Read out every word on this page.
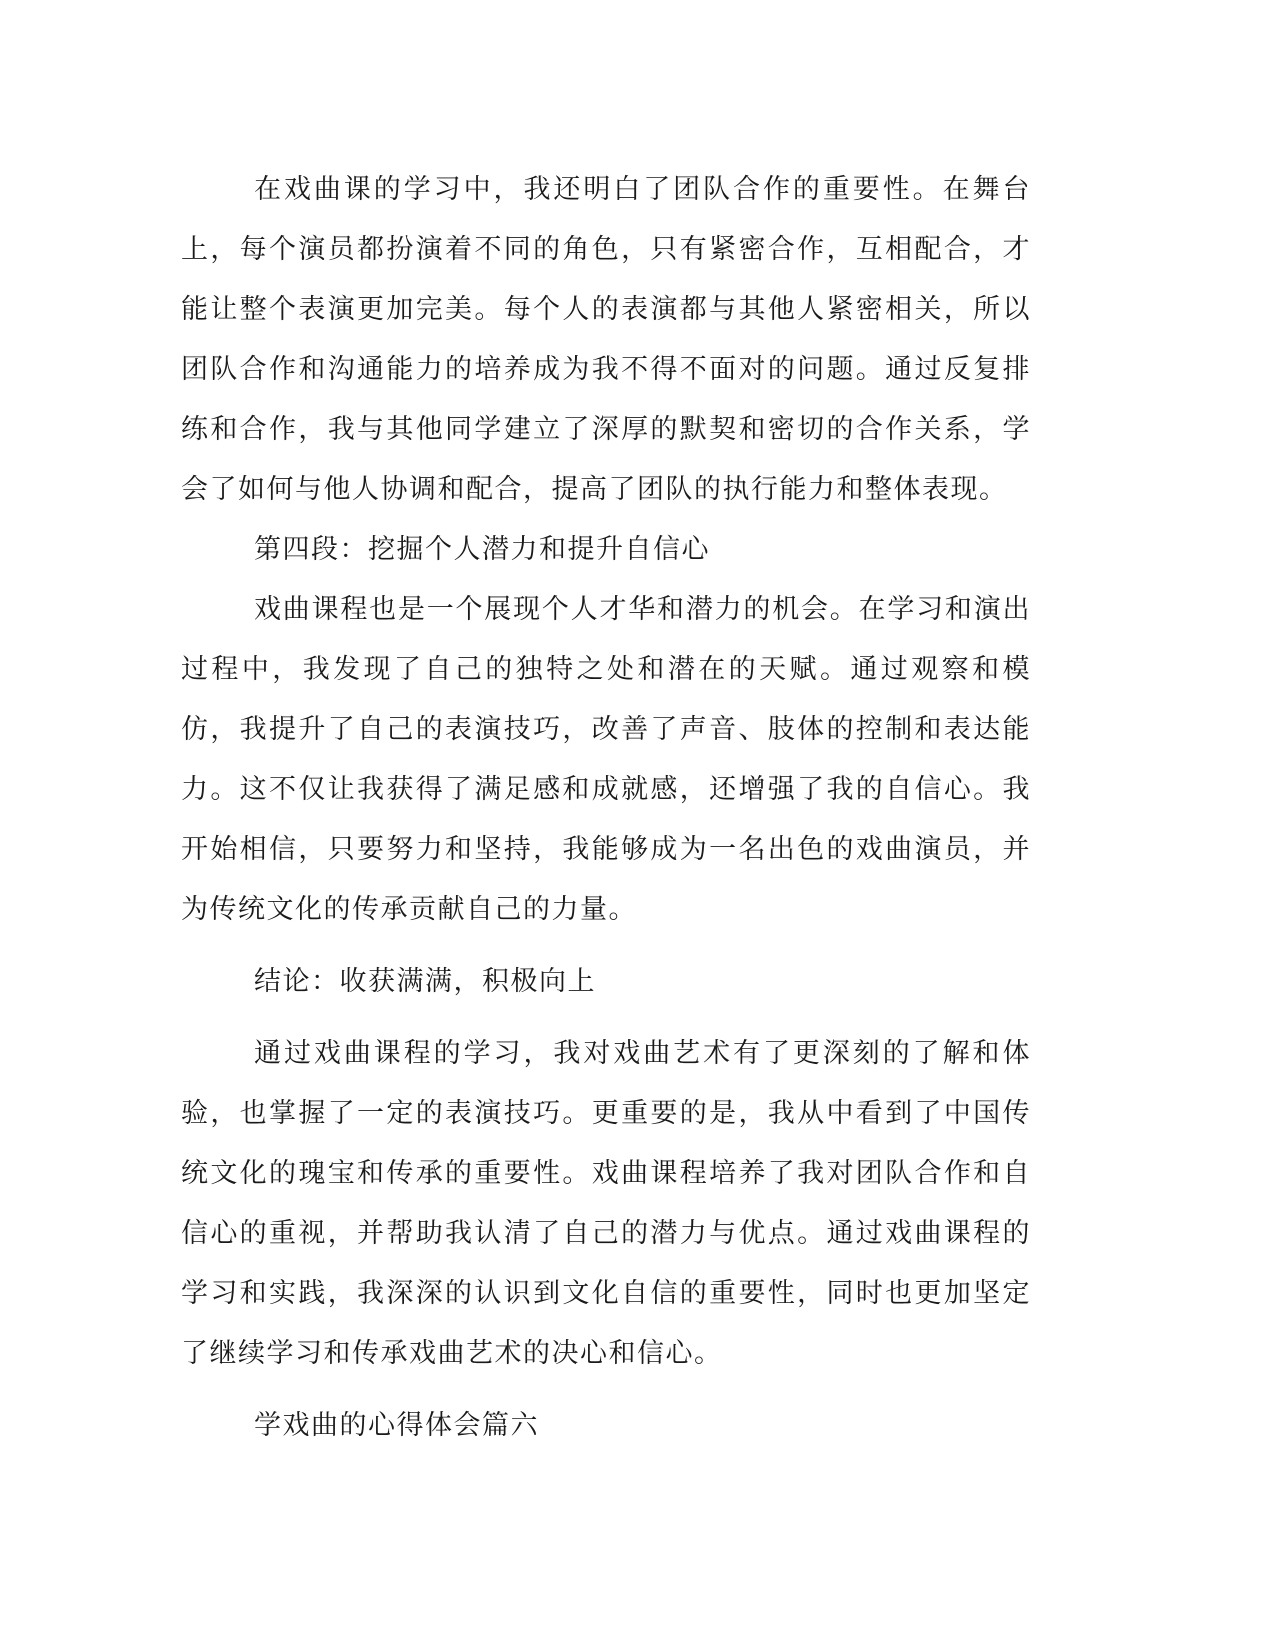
在戏曲课的学习中，我还明白了团队合作的重要性。在舞台上，每个演员都扮演着不同的角色，只有紧密合作，互相配合，才能让整个表演更加完美。每个人的表演都与其他人紧密相关，所以团队合作和沟通能力的培养成为我不得不面对的问题。通过反复排练和合作，我与其他同学建立了深厚的默契和密切的合作关系，学会了如何与他人协调和配合，提高了团队的执行能力和整体表现。

第四段：挖掘个人潜力和提升自信心

戏曲课程也是一个展现个人才华和潜力的机会。在学习和演出过程中，我发现了自己的独特之处和潜在的天赋。通过观察和模仿，我提升了自己的表演技巧，改善了声音、肢体的控制和表达能力。这不仅让我获得了满足感和成就感，还增强了我的自信心。我开始相信，只要努力和坚持，我能够成为一名出色的戏曲演员，并为传统文化的传承贡献自己的力量。

结论：收获满满，积极向上

通过戏曲课程的学习，我对戏曲艺术有了更深刻的了解和体验，也掌握了一定的表演技巧。更重要的是，我从中看到了中国传统文化的瑰宝和传承的重要性。戏曲课程培养了我对团队合作和自信心的重视，并帮助我认清了自己的潜力与优点。通过戏曲课程的学习和实践，我深深的认识到文化自信的重要性，同时也更加坚定了继续学习和传承戏曲艺术的决心和信心。

学戏曲的心得体会篇六
